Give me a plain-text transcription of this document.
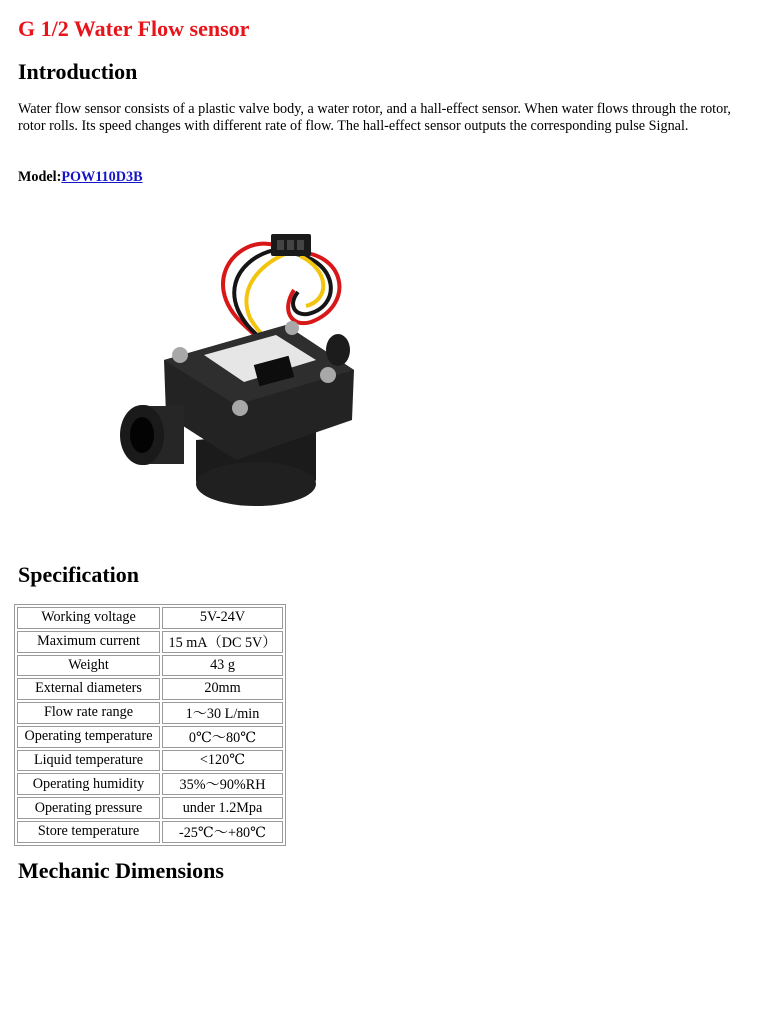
G 1/2 Water Flow sensor
Introduction

Water flow sensor consists of a plastic valve body, a water rotor, and a hall-effect sensor. When water flows through the rotor, rotor rolls. Its speed changes with different rate of flow. The hall-effect sensor outputs the corresponding pulse Signal.

Model:POW110D3B

Specification
Working voltage	5V-24V
Maximum current	15 mA（DC 5V）
Weight	43 g
External diameters	20mm
Flow rate range	1～30 L/min
Operating temperature	0℃～80℃
Liquid temperature	<120℃
Operating humidity	35%～90%RH
Operating pressure	under 1.2Mpa
Store temperature	-25℃～+80℃
Mechanic Dimensions
